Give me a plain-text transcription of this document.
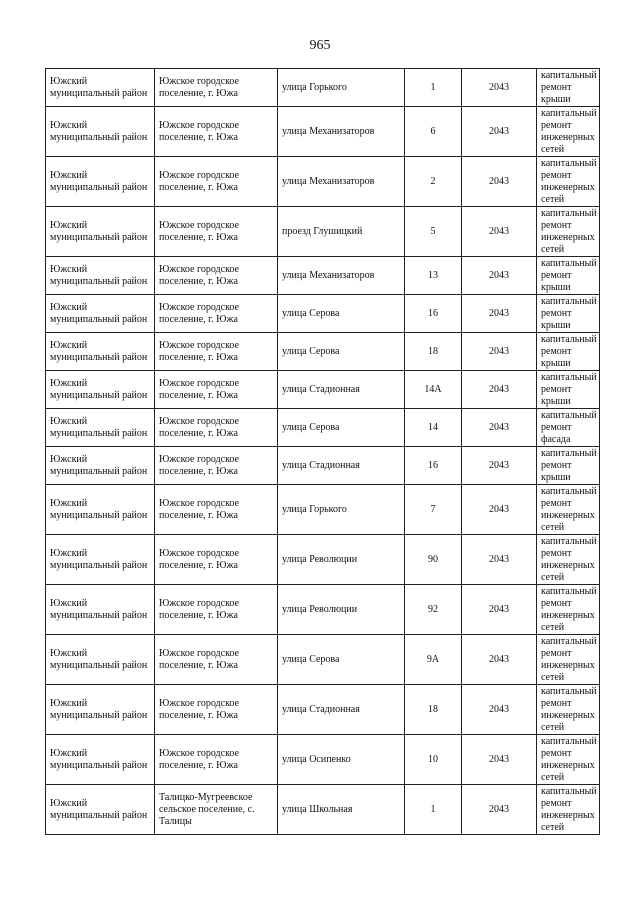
965
Южский муниципальный район	Южское городское поселение, г. Южа	улица Горького	1	2043	капитальный ремонт крыши
Южский муниципальный район	Южское городское поселение, г. Южа	улица Механизаторов	6	2043	капитальный ремонт инженерных сетей
Южский муниципальный район	Южское городское поселение, г. Южа	улица Механизаторов	2	2043	капитальный ремонт инженерных сетей
Южский муниципальный район	Южское городское поселение, г. Южа	проезд Глушицкий	5	2043	капитальный ремонт инженерных сетей
Южский муниципальный район	Южское городское поселение, г. Южа	улица Механизаторов	13	2043	капитальный ремонт крыши
Южский муниципальный район	Южское городское поселение, г. Южа	улица Серова	16	2043	капитальный ремонт крыши
Южский муниципальный район	Южское городское поселение, г. Южа	улица Серова	18	2043	капитальный ремонт крыши
Южский муниципальный район	Южское городское поселение, г. Южа	улица Стадионная	14А	2043	капитальный ремонт крыши
Южский муниципальный район	Южское городское поселение, г. Южа	улица Серова	14	2043	капитальный ремонт фасада
Южский муниципальный район	Южское городское поселение, г. Южа	улица Стадионная	16	2043	капитальный ремонт крыши
Южский муниципальный район	Южское городское поселение, г. Южа	улица Горького	7	2043	капитальный ремонт инженерных сетей
Южский муниципальный район	Южское городское поселение, г. Южа	улица Революции	90	2043	капитальный ремонт инженерных сетей
Южский муниципальный район	Южское городское поселение, г. Южа	улица Революции	92	2043	капитальный ремонт инженерных сетей
Южский муниципальный район	Южское городское поселение, г. Южа	улица Серова	9А	2043	капитальный ремонт инженерных сетей
Южский муниципальный район	Южское городское поселение, г. Южа	улица Стадионная	18	2043	капитальный ремонт инженерных сетей
Южский муниципальный район	Южское городское поселение, г. Южа	улица Осипенко	10	2043	капитальный ремонт инженерных сетей
Южский муниципальный район	Талицко-Мугреевское сельское поселение, с. Талицы	улица Школьная	1	2043	капитальный ремонт инженерных сетей
